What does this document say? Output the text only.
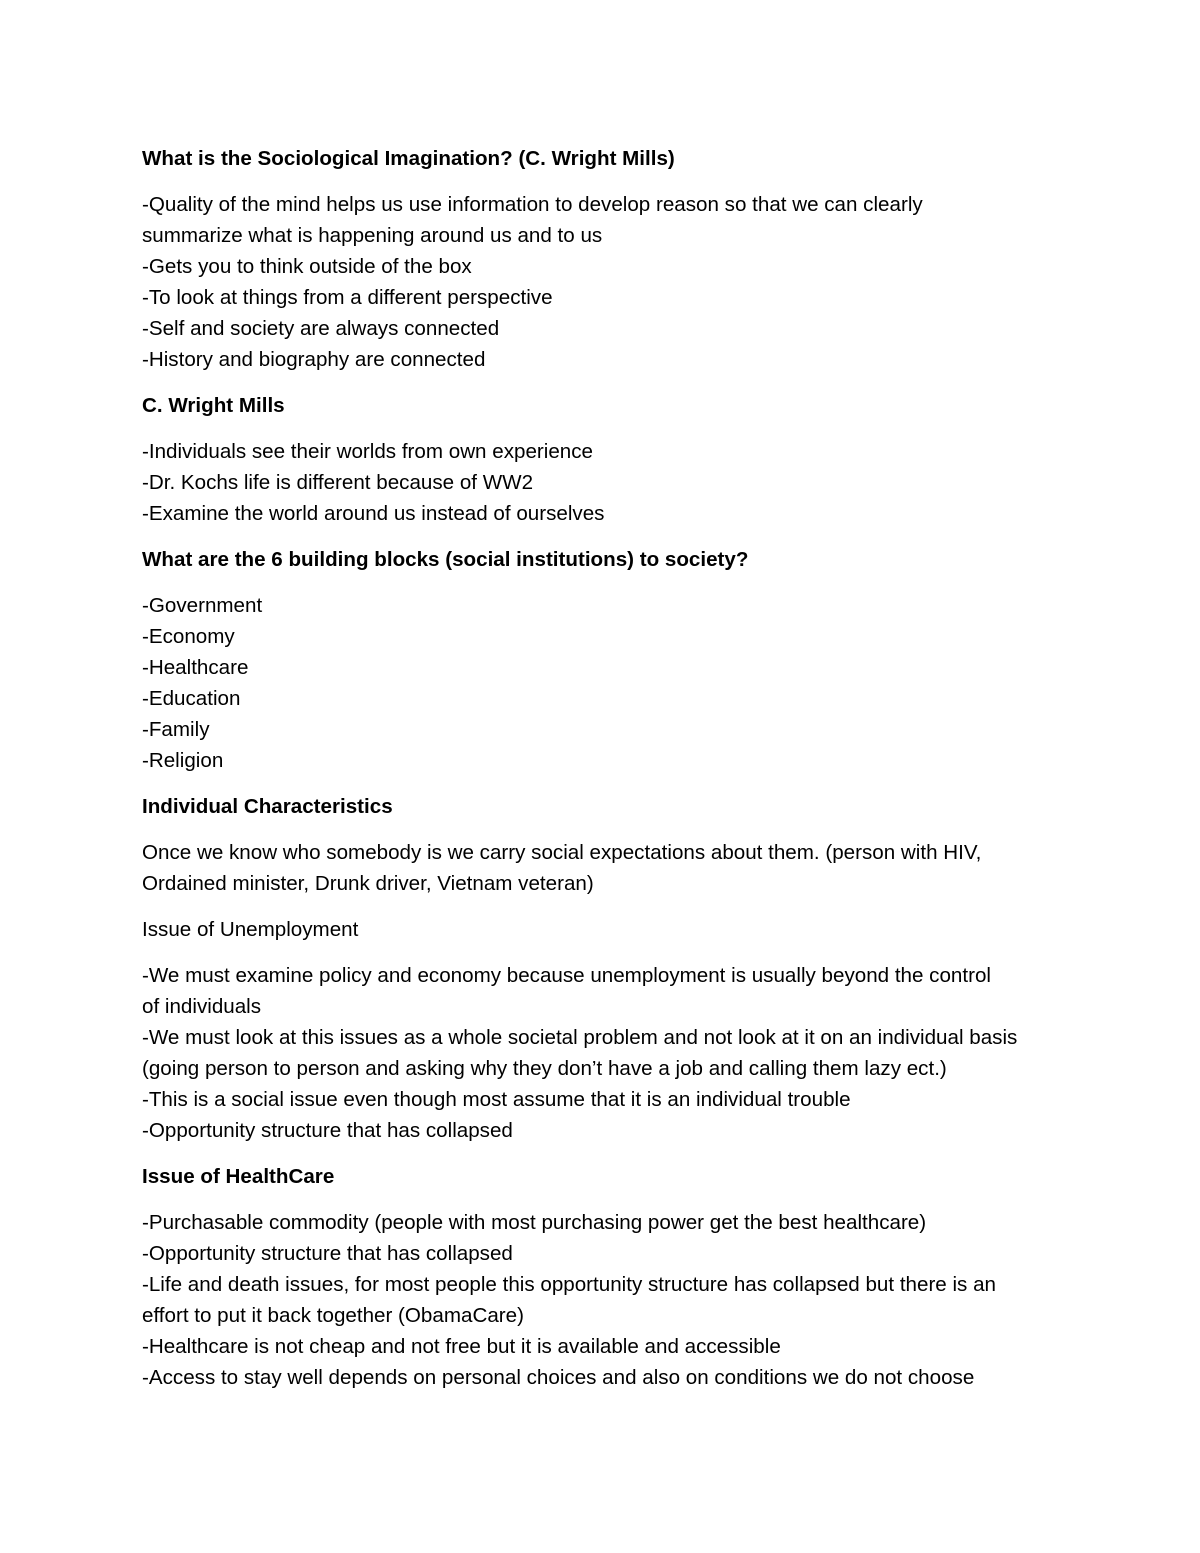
What is the Sociological Imagination? (C. Wright Mills)
-Quality of the mind helps us use information to develop reason so that we can clearly
summarize what is happening around us and to us
-Gets you to think outside of the box
-To look at things from a different perspective
-Self and society are always connected
-History and biography are connected
C. Wright Mills
-Individuals see their worlds from own experience
-Dr. Kochs life is different because of WW2
-Examine the world around us instead of ourselves
What are the 6 building blocks (social institutions) to society?
-Government
-Economy
-Healthcare
-Education
-Family
-Religion
Individual Characteristics
Once we know who somebody is we carry social expectations about them. (person with HIV,
Ordained minister, Drunk driver, Vietnam veteran)
Issue of Unemployment
-We must examine policy and economy because unemployment is usually beyond the control
of individuals
-We must look at this issues as a whole societal problem and not look at it on an individual basis
(going person to person and asking why they don’t have a job and calling them lazy ect.)
-This is a social issue even though most assume that it is an individual trouble
-Opportunity structure that has collapsed
Issue of HealthCare
-Purchasable commodity (people with most purchasing power get the best healthcare)
-Opportunity structure that has collapsed
-Life and death issues, for most people this opportunity structure has collapsed but there is an
effort to put it back together (ObamaCare)
-Healthcare is not cheap and not free but it is available and accessible
-Access to stay well depends on personal choices and also on conditions we do not choose
